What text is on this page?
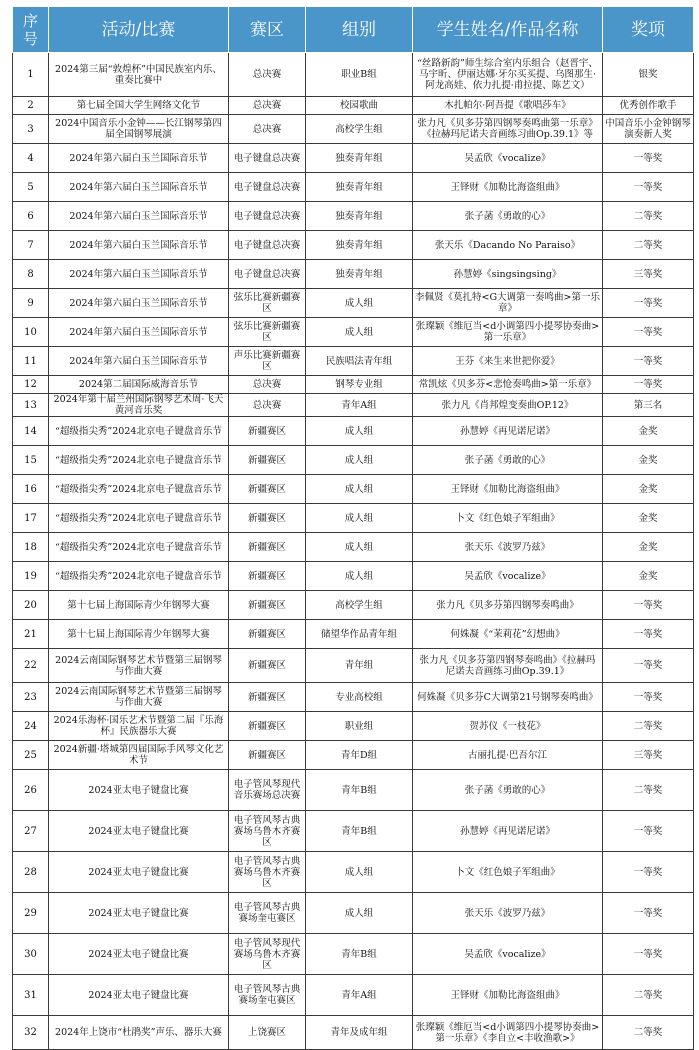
序号	活动/比赛	赛区	组别	学生姓名/作品名称	奖项
1	2024第三届“敦煌杯”中国民族室内乐、重奏比赛中	总决赛	职业B组	“丝路新韵”师生综合室内乐组合（赵晋宇、马宇昕、伊丽达娜·牙尔买买提、乌图那生·阿龙高娃、依力扎提·甫拉提、陈艺文）	银奖
2	第七届全国大学生网络文化节	总决赛	校园歌曲	木扎帕尔·阿吾提《歌唱莎车》	优秀创作歌手
3	2024中国音乐小金钟——长江钢琴第四届全国钢琴展演	总决赛	高校学生组	张力凡《贝多芬第四钢琴奏鸣曲第一乐章》《拉赫玛尼诺夫音画练习曲Op.39.1》等	中国音乐小金钟钢琴演奏新人奖
4	2024年第六届白玉兰国际音乐节	电子键盘总决赛	独奏青年组	吴孟欣《vocalize》	一等奖
5	2024年第六届白玉兰国际音乐节	电子键盘总决赛	独奏青年组	王铎财《加勒比海盗组曲》	一等奖
6	2024年第六届白玉兰国际音乐节	电子键盘总决赛	独奏青年组	张子菡《勇敢的心》	二等奖
7	2024年第六届白玉兰国际音乐节	电子键盘总决赛	独奏青年组	张天乐《Dacando No Paraiso》	二等奖
8	2024年第六届白玉兰国际音乐节	电子键盘总决赛	独奏青年组	孙慧婷《singsingsing》	三等奖
9	2024年第六届白玉兰国际音乐节	弦乐比赛新疆赛区	成人组	李佩贤《莫扎特<G大调第一奏鸣曲>第一乐章》	一等奖
10	2024年第六届白玉兰国际音乐节	弦乐比赛新疆赛区	成人组	张璨颖《维厄当<d小调第四小提琴协奏曲>第一乐章》	一等奖
11	2024年第六届白玉兰国际音乐节	声乐比赛新疆赛区	民族唱法青年组	王芬《来生来世把你爱》	一等奖
12	2024第二届国际威海音乐节	总决赛	钢琴专业组	常凯炫《贝多芬<悲怆奏鸣曲>第一乐章》	一等奖
13	2024年第十届兰州国际钢琴艺术周·飞天黄河音乐奖	总决赛	青年A组	张力凡《肖邦煌变奏曲OP.12》	第三名
14	“超级指尖秀”2024北京电子键盘音乐节	新疆赛区	成人组	孙慧婷《再见诺尼诺》	金奖
15	“超级指尖秀”2024北京电子键盘音乐节	新疆赛区	成人组	张子菡《勇敢的心》	金奖
16	“超级指尖秀”2024北京电子键盘音乐节	新疆赛区	成人组	王铎财《加勒比海盗组曲》	金奖
17	“超级指尖秀”2024北京电子键盘音乐节	新疆赛区	成人组	卜文《红色娘子军组曲》	金奖
18	“超级指尖秀”2024北京电子键盘音乐节	新疆赛区	成人组	张天乐《波罗乃兹》	金奖
19	“超级指尖秀”2024北京电子键盘音乐节	新疆赛区	成人组	吴孟欣《vocalize》	金奖
20	第十七届上海国际青少年钢琴大赛	新疆赛区	高校学生组	张力凡《贝多芬第四钢琴奏鸣曲》	一等奖
21	第十七届上海国际青少年钢琴大赛	新疆赛区	储望华作品青年组	何姝凝《“茉莉花”幻想曲》	一等奖
22	2024云南国际钢琴艺术节暨第三届钢琴与作曲大赛	新疆赛区	青年组	张力凡《贝多芬第四钢琴奏鸣曲》《拉赫玛尼诺夫音画练习曲Op.39.1》	一等奖
23	2024云南国际钢琴艺术节暨第三届钢琴与作曲大赛	新疆赛区	专业高校组	何姝凝《贝多芬C大调第21号钢琴奏鸣曲》	一等奖
24	2024乐海杯·国乐艺术节暨第二届『乐海杯』民族器乐大赛	新疆赛区	职业组	贺苏仪《一枝花》	二等奖
25	2024新疆·塔城第四届国际手风琴文化艺术节	新疆赛区	青年D组	古丽扎提·巴吾尔江	三等奖
26	2024亚太电子键盘比赛	电子管风琴现代音乐赛场总决赛	青年B组	张子菡《勇敢的心》	二等奖
27	2024亚太电子键盘比赛	电子管风琴古典赛场乌鲁木齐赛区	青年B组	孙慧婷《再见诺尼诺》	一等奖
28	2024亚太电子键盘比赛	电子管风琴古典赛场乌鲁木齐赛区	成人组	卜文《红色娘子军组曲》	一等奖
29	2024亚太电子键盘比赛	电子管风琴古典赛场奎屯赛区	成人组	张天乐《波罗乃兹》	一等奖
30	2024亚太电子键盘比赛	电子管风琴现代赛场乌鲁木齐赛区	青年B组	吴孟欣《vocalize》	一等奖
31	2024亚太电子键盘比赛	电子管风琴古典赛场奎屯赛区	青年A组	王铎财《加勒比海盗组曲》	二等奖
32	2024年上饶市“杜鹃奖”声乐、器乐大赛	上饶赛区	青年及成年组	张璨颖《维厄当<d小调第四小提琴协奏曲>第一乐章》《李自立<丰收渔歌>》	二等奖
